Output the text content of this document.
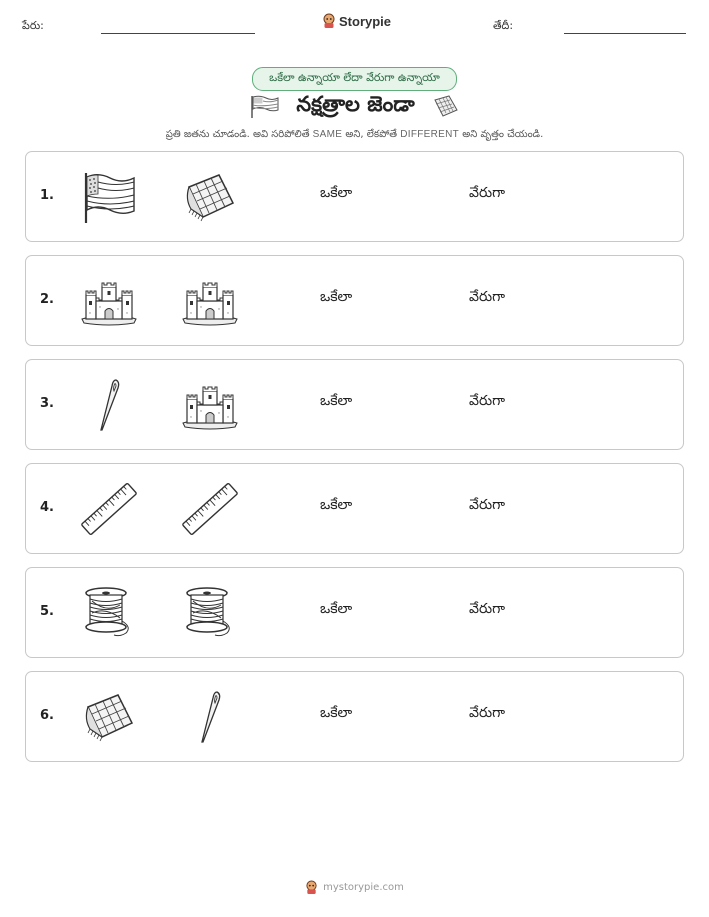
పేరు:	Storypie	తేదీ:
ఒకేలా ఉన్నాయా లేదా వేరుగా ఉన్నాయా
నక్షత్రాల జెండా
ప్రతి జతను చూడండి. అవి సరిపోలితే SAME అని, లేకపోతే DIFFERENT అని వృత్తం చేయండి.
1.	ఒకేలా	వేరుగా
2.	ఒకేలా	వేరుగా
3.	ఒకేలా	వేరుగా
4.	ఒకేలా	వేరుగా
5.	ఒకేలా	వేరుగా
6.	ఒకేలా	వేరుగా
mystorypie.com
